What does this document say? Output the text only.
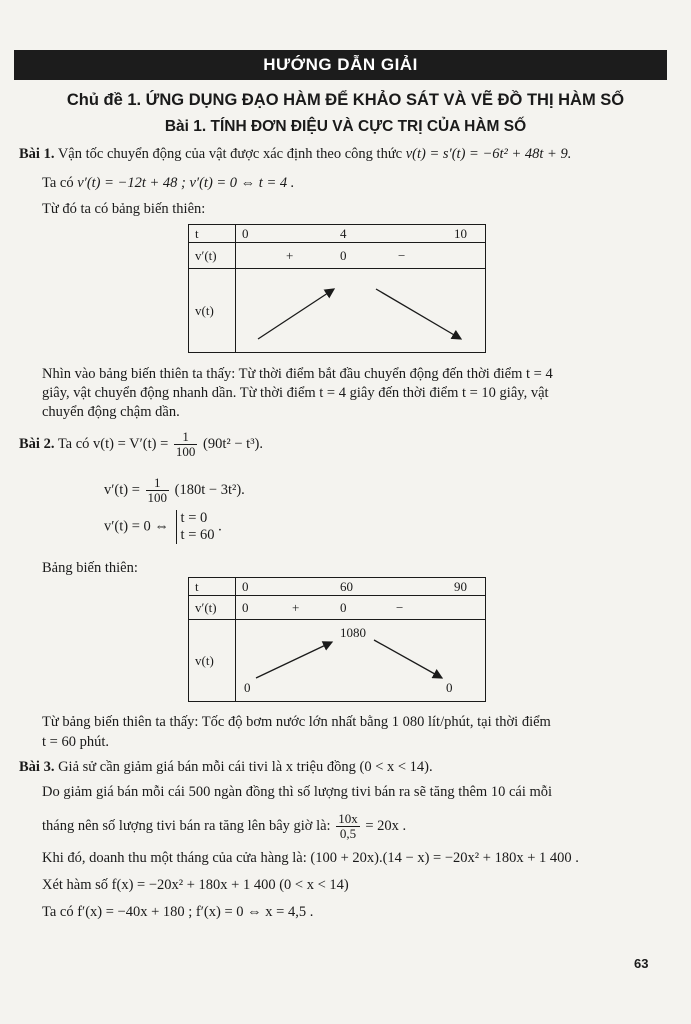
HƯỚNG DẪN GIẢI
Chủ đề 1. ỨNG DỤNG ĐẠO HÀM ĐỂ KHẢO SÁT VÀ VẼ ĐỒ THỊ HÀM SỐ
Bài 1. TÍNH ĐƠN ĐIỆU VÀ CỰC TRỊ CỦA HÀM SỐ
Bài 1. Vận tốc chuyển động của vật được xác định theo công thức v(t) = s′(t) = −6t² + 48t + 9.
Ta có v′(t) = −12t + 48 ; v′(t) = 0 ⇔ t = 4 .
Từ đó ta có bảng biến thiên:
t	0 4 10

v′(t)	+ 0 −

v(t)	
Nhìn vào bảng biến thiên ta thấy: Từ thời điểm bắt đầu chuyển động đến thời điểm t = 4
giây, vật chuyển động nhanh dần. Từ thời điểm t = 4 giây đến thời điểm t = 10 giây, vật
chuyển động chậm dần.
Bài 2. Ta có $v(t) = V'(t) = \frac{1}{100} (90t^2 - t^3)$.
$v'(t) = \frac{1}{100} (180t - 3t^2)$.
v′(t) = 0 ⇔
t = 0
t = 60
.
Bảng biến thiên:
t	0 60 90

v′(t)	0 + 0 −

v(t)	1080
0 0
Từ bảng biến thiên ta thấy: Tốc độ bơm nước lớn nhất bằng 1 080 lít/phút, tại thời điểm
t = 60 phút.
Bài 3. Giả sử cần giảm giá bán mỗi cái tivi là x triệu đồng (0 < x < 14).
Do giảm giá bán mỗi cái 500 ngàn đồng thì số lượng tivi bán ra sẽ tăng thêm 10 cái mỗi
tháng nên số lượng tivi bán ra tăng lên bây giờ là: $\frac{10x}{0,5} = 20x$ .
Khi đó, doanh thu một tháng của cửa hàng là: (100 + 20x).(14 − x) = −20x² + 180x + 1 400 .
Xét hàm số f(x) = −20x² + 180x + 1 400 (0 < x < 14)
Ta có f′(x) = −40x + 180 ; f′(x) = 0 ⇔ x = 4,5 .
63
